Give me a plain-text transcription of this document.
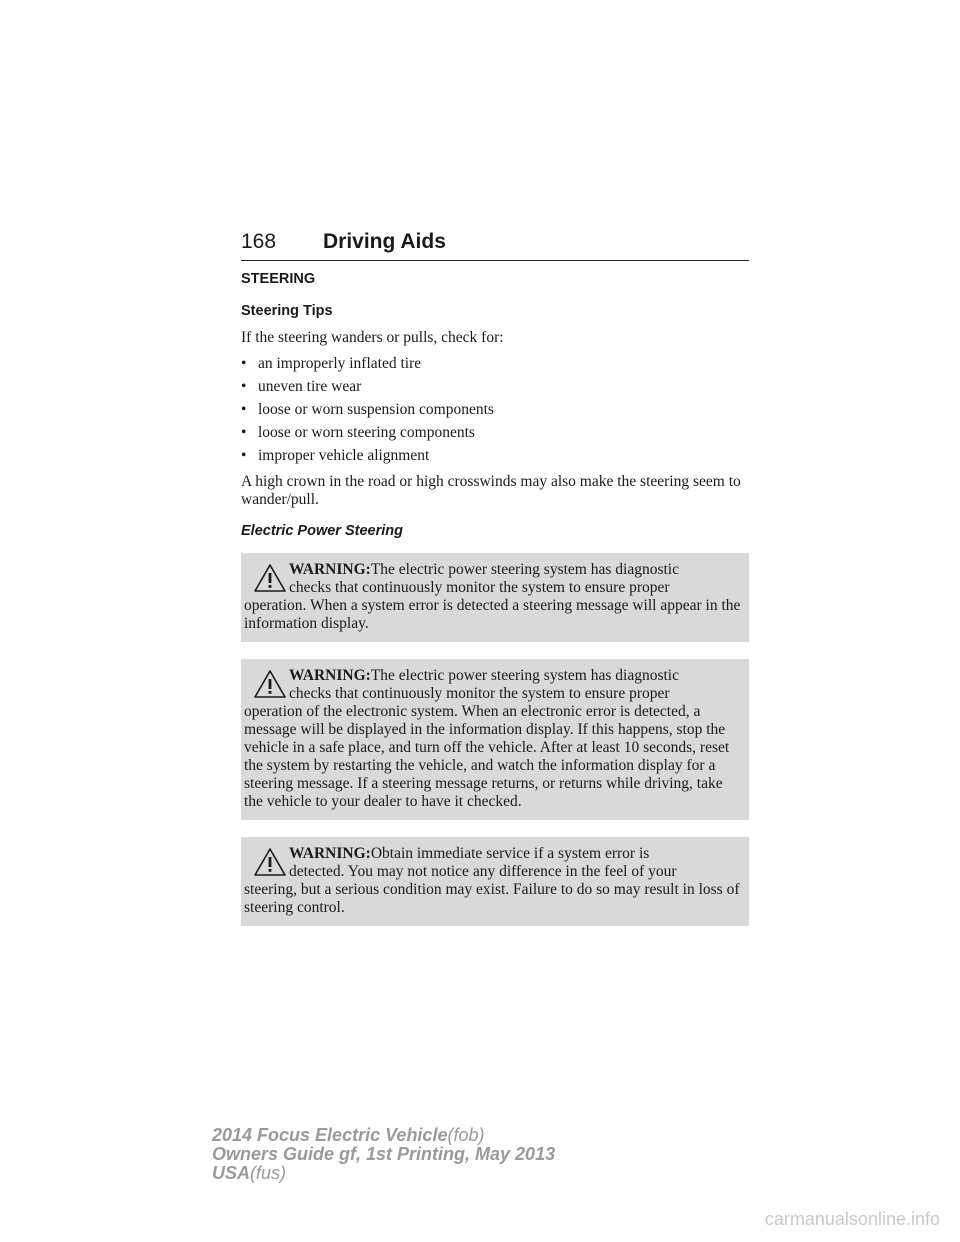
168 Driving Aids
STEERING
Steering Tips

If the steering wanders or pulls, check for:

• an improperly inflated tire
• uneven tire wear
• loose or worn suspension components
• loose or worn steering components
• improper vehicle alignment

A high crown in the road or high crosswinds may also make the steering seem to wander/pull.

Electric Power Steering
WARNING:The electric power steering system has diagnostic
checks that continuously monitor the system to ensure proper
operation. When a system error is detected a steering message will appear in the information display.
WARNING:The electric power steering system has diagnostic
checks that continuously monitor the system to ensure proper
operation of the electronic system. When an electronic error is detected, a message will be displayed in the information display. If this happens, stop the vehicle in a safe place, and turn off the vehicle. After at least 10 seconds, reset the system by restarting the vehicle, and watch the information display for a steering message. If a steering message returns, or returns while driving, take the vehicle to your dealer to have it checked.
WARNING:Obtain immediate service if a system error is
detected. You may not notice any difference in the feel of your
steering, but a serious condition may exist. Failure to do so may result in loss of steering control.
2014 Focus Electric Vehicle(fob)
Owners Guide gf, 1st Printing, May 2013
USA(fus)
carmanualsonline.info
